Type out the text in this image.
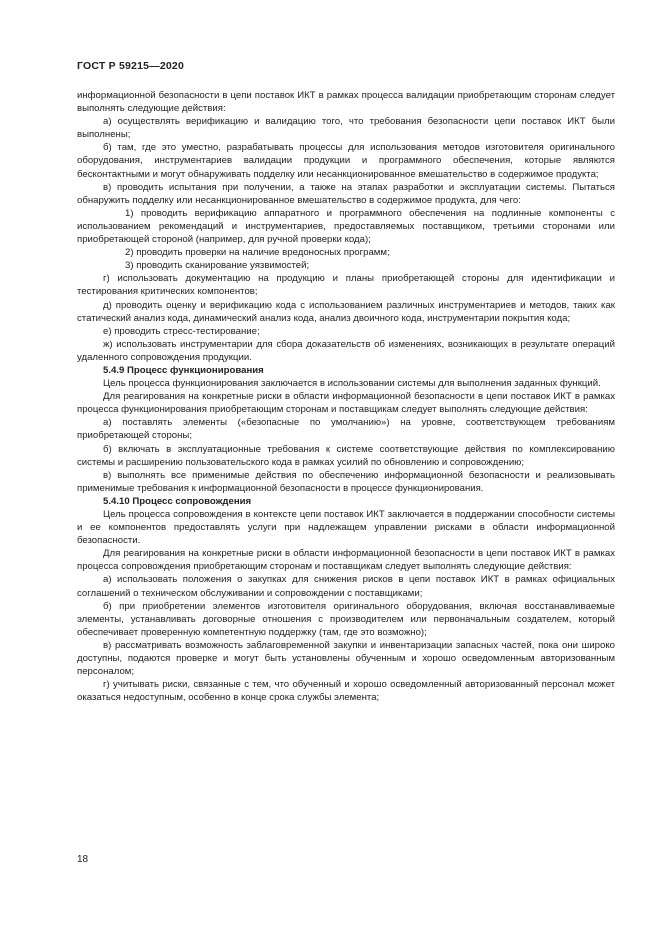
ГОСТ Р 59215—2020

информационной безопасности в цепи поставок ИКТ в рамках процесса валидации приобретающим сторонам следует выполнять следующие действия:

а) осуществлять верификацию и валидацию того, что требования безопасности цепи поставок ИКТ были выполнены;

б) там, где это уместно, разрабатывать процессы для использования методов изготовителя оригинального оборудования, инструментариев валидации продукции и программного обеспечения, которые являются бесконтактными и могут обнаруживать подделку или несанкционированное вмешательство в содержимое продукта;

в) проводить испытания при получении, а также на этапах разработки и эксплуатации системы. Пытаться обнаружить подделку или несанкционированное вмешательство в содержимое продукта, для чего:

1) проводить верификацию аппаратного и программного обеспечения на подлинные компоненты с использованием рекомендаций и инструментариев, предоставляемых поставщиком, третьими сторонами или приобретающей стороной (например, для ручной проверки кода);

2) проводить проверки на наличие вредоносных программ;

3) проводить сканирование уязвимостей;

г) использовать документацию на продукцию и планы приобретающей стороны для идентификации и тестирования критических компонентов;

д) проводить оценку и верификацию кода с использованием различных инструментариев и методов, таких как статический анализ кода, динамический анализ кода, анализ двоичного кода, инструментарии покрытия кода;

е) проводить стресс-тестирование;

ж) использовать инструментарии для сбора доказательств об изменениях, возникающих в результате операций удаленного сопровождения продукции.

5.4.9 Процесс функционирования

Цель процесса функционирования заключается в использовании системы для выполнения заданных функций.

Для реагирования на конкретные риски в области информационной безопасности в цепи поставок ИКТ в рамках процесса функционирования приобретающим сторонам и поставщикам следует выполнять следующие действия:

а) поставлять элементы («безопасные по умолчанию») на уровне, соответствующем требованиям приобретающей стороны;

б) включать в эксплуатационные требования к системе соответствующие действия по комплексированию системы и расширению пользовательского кода в рамках усилий по обновлению и сопровождению;

в) выполнять все применимые действия по обеспечению информационной безопасности и реализовывать применимые требования к информационной безопасности в процессе функционирования.

5.4.10 Процесс сопровождения

Цель процесса сопровождения в контексте цепи поставок ИКТ заключается в поддержании способности системы и ее компонентов предоставлять услуги при надлежащем управлении рисками в области информационной безопасности.

Для реагирования на конкретные риски в области информационной безопасности в цепи поставок ИКТ в рамках процесса сопровождения приобретающим сторонам и поставщикам следует выполнять следующие действия:

а) использовать положения о закупках для снижения рисков в цепи поставок ИКТ в рамках официальных соглашений о техническом обслуживании и сопровождении с поставщиками;

б) при приобретении элементов изготовителя оригинального оборудования, включая восстанавливаемые элементы, устанавливать договорные отношения с производителем или первоначальным создателем, который обеспечивает проверенную компетентную поддержку (там, где это возможно);

в) рассматривать возможность заблаговременной закупки и инвентаризации запасных частей, пока они широко доступны, подаются проверке и могут быть установлены обученным и хорошо осведомленным авторизованным персоналом;

г) учитывать риски, связанные с тем, что обученный и хорошо осведомленный авторизованный персонал может оказаться недоступным, особенно в конце срока службы элемента;

18
